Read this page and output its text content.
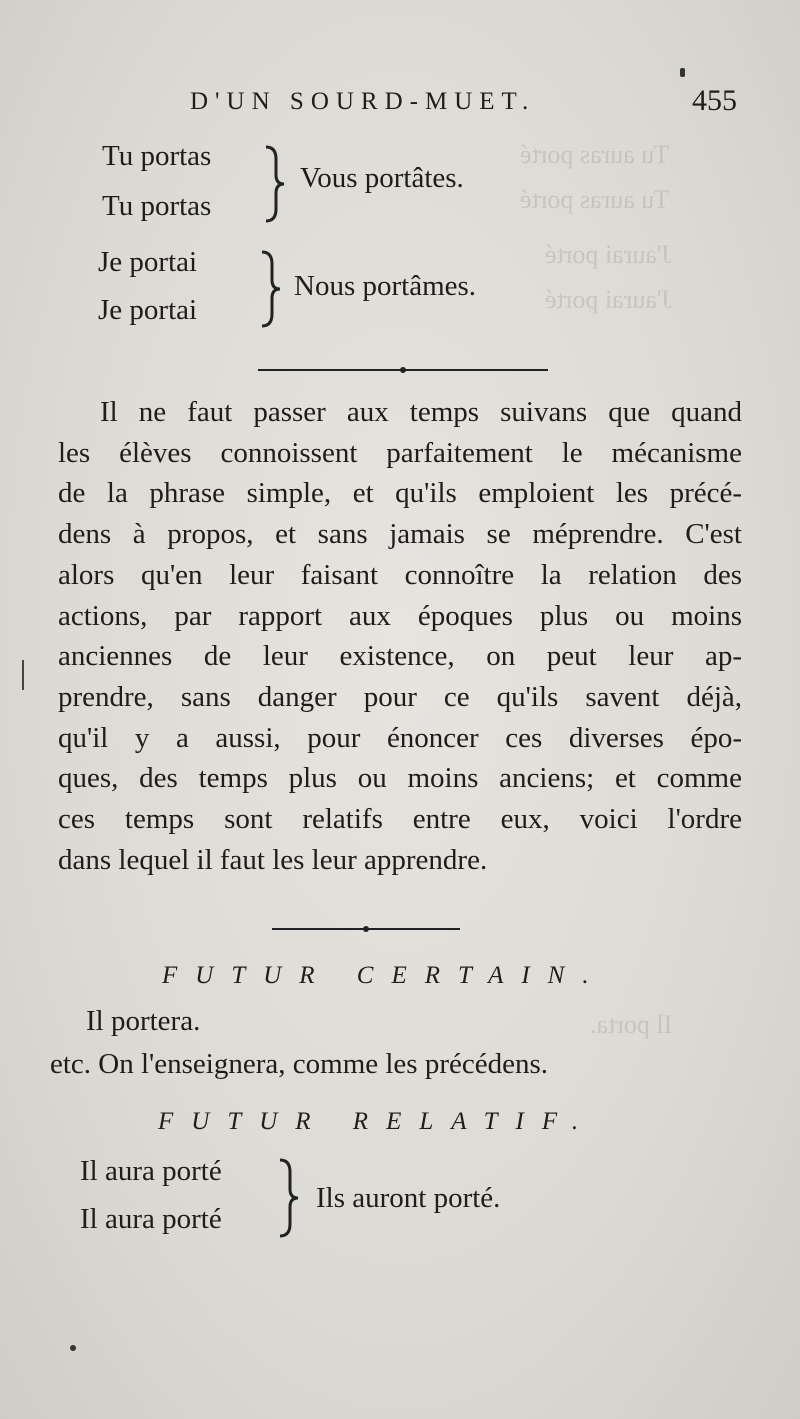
Tu auras porté
Tu auras porté
J'aurai porté
J'aurai porté
Il porta.
D'UN SOURD-MUET.	455
Tu portas
Tu portas
Vous portâtes.
Je portai
Je portai
Nous portâmes.
Il ne faut passer aux temps suivans que quand
les élèves connoissent parfaitement le mécanisme
de la phrase simple, et qu'ils emploient les précé-
dens à propos, et sans jamais se méprendre. C'est
alors qu'en leur faisant connoître la relation des
actions, par rapport aux époques plus ou moins
anciennes de leur existence, on peut leur ap-
prendre, sans danger pour ce qu'ils savent déjà,
qu'il y a aussi, pour énoncer ces diverses épo-
ques, des temps plus ou moins anciens; et comme
ces temps sont relatifs entre eux, voici l'ordre
dans lequel il faut les leur apprendre.
FUTUR CERTAIN.
Il portera.
etc. On l'enseignera, comme les précédens.
FUTUR RELATIF.
Il aura porté
Il aura porté
Ils auront porté.
